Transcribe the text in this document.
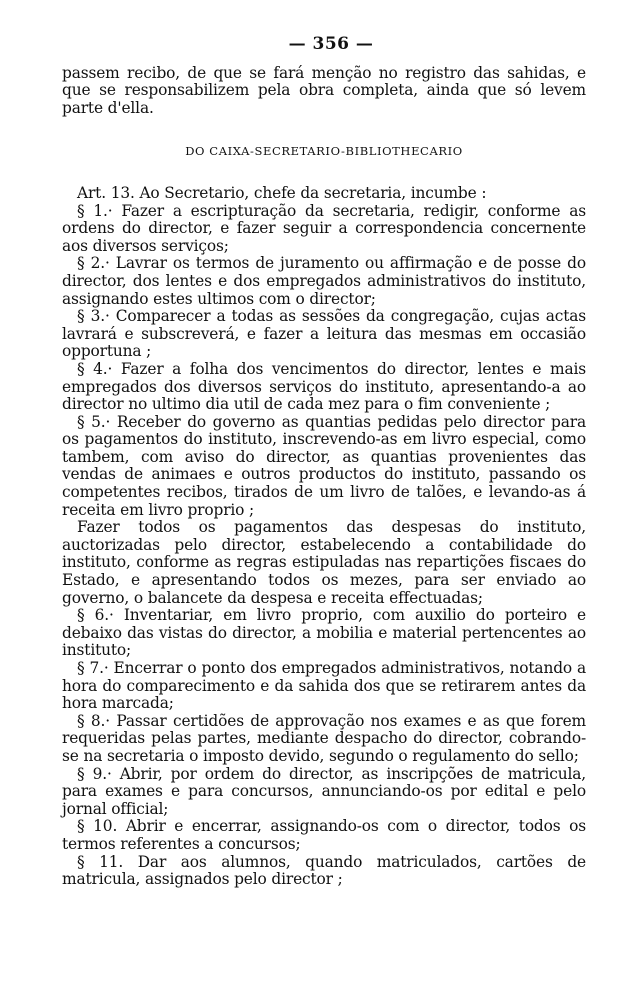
— 356 —

passem recibo, de que se fará menção no registro das sahidas, e que se responsabilizem pela obra completa, ainda que só levem parte d'ella.

DO CAIXA-SECRETARIO-BIBLIOTHECARIO

Art. 13. Ao Secretario, chefe da secretaria, incumbe :

§ 1.· Fazer a escripturação da secretaria, redigir, conforme as ordens do director, e fazer seguir a correspondencia concernente aos diversos serviços;

§ 2.· Lavrar os termos de juramento ou affirmação e de posse do director, dos lentes e dos empregados administrativos do instituto, assignando estes ultimos com o director;

§ 3.· Comparecer a todas as sessões da congregação, cujas actas lavrará e subscreverá, e fazer a leitura das mesmas em occasião opportuna ;

§ 4.· Fazer a folha dos vencimentos do director, lentes e mais empregados dos diversos serviços do instituto, apresentando-a ao director no ultimo dia util de cada mez para o fim conveniente ;

§ 5.· Receber do governo as quantias pedidas pelo director para os pagamentos do instituto, inscrevendo-as em livro especial, como tambem, com aviso do director, as quantias provenientes das vendas de animaes e outros productos do instituto, passando os competentes recibos, tirados de um livro de talões, e levando-as á receita em livro proprio ;

Fazer todos os pagamentos das despesas do instituto, auctorizadas pelo director, estabelecendo a contabilidade do instituto, conforme as regras estipuladas nas repartições fiscaes do Estado, e apresentando todos os mezes, para ser enviado ao governo, o balancete da despesa e receita effectuadas;

§ 6.· Inventariar, em livro proprio, com auxilio do porteiro e debaixo das vistas do director, a mobilia e material pertencentes ao instituto;

§ 7.· Encerrar o ponto dos empregados administrativos, notando a hora do comparecimento e da sahida dos que se retirarem antes da hora marcada;

§ 8.· Passar certidões de approvação nos exames e as que forem requeridas pelas partes, mediante despacho do director, cobrando-se na secretaria o imposto devido, segundo o regulamento do sello;

§ 9.· Abrir, por ordem do director, as inscripções de matricula, para exames e para concursos, annunciando-os por edital e pelo jornal official;

§ 10. Abrir e encerrar, assignando-os com o director, todos os termos referentes a concursos;

§ 11. Dar aos alumnos, quando matriculados, cartões de matricula, assignados pelo director ;
